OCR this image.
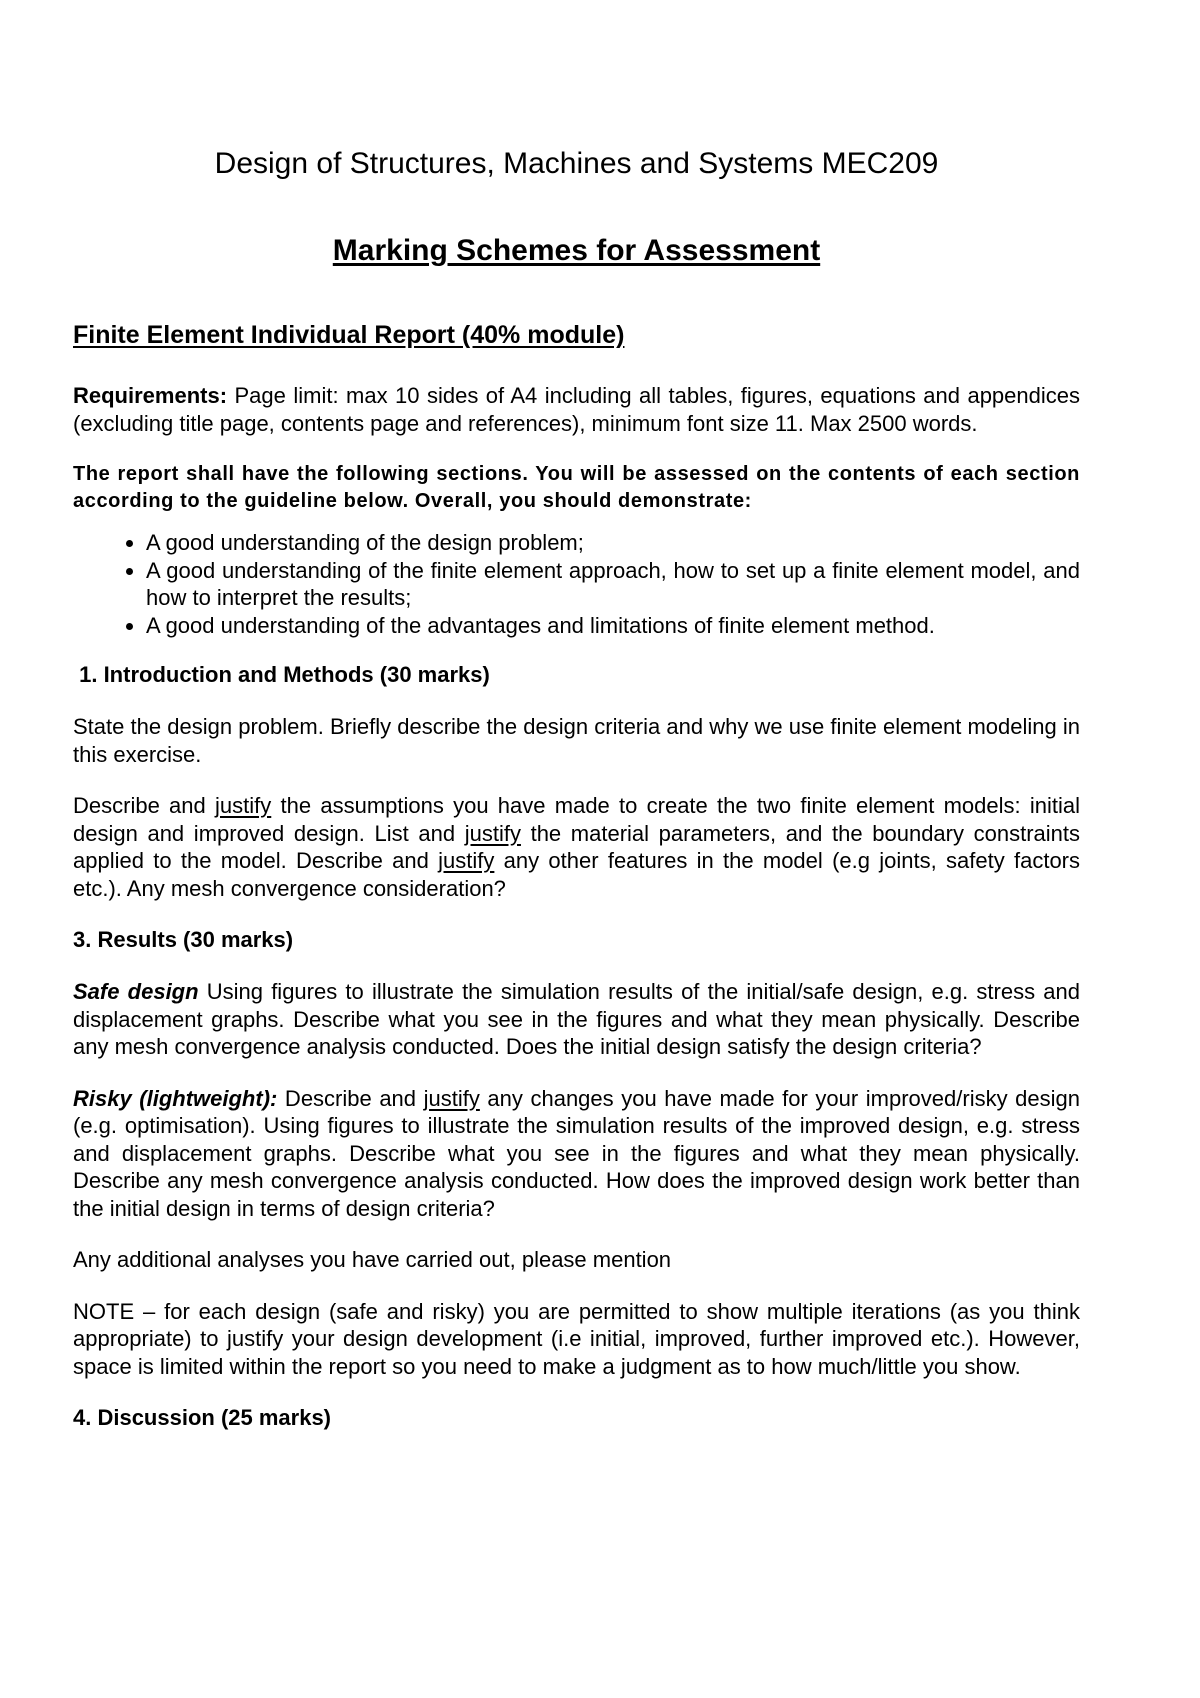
Design of Structures, Machines and Systems MEC209
Marking Schemes for Assessment
Finite Element Individual Report (40% module)

Requirements: Page limit: max 10 sides of A4 including all tables, figures, equations and appendices (excluding title page, contents page and references), minimum font size 11. Max 2500 words.

The report shall have the following sections. You will be assessed on the contents of each section according to the guideline below. Overall, you should demonstrate:

• A good understanding of the design problem;
• A good understanding of the finite element approach, how to set up a finite element model, and how to interpret the results;
• A good understanding of the advantages and limitations of finite element method.
1. Introduction and Methods (30 marks)

State the design problem. Briefly describe the design criteria and why we use finite element modeling in this exercise.

Describe and justify the assumptions you have made to create the two finite element models: initial design and improved design. List and justify the material parameters, and the boundary constraints applied to the model. Describe and justify any other features in the model (e.g joints, safety factors etc.). Any mesh convergence consideration?

3. Results (30 marks)

Safe design Using figures to illustrate the simulation results of the initial/safe design, e.g. stress and displacement graphs. Describe what you see in the figures and what they mean physically. Describe any mesh convergence analysis conducted. Does the initial design satisfy the design criteria?

Risky (lightweight): Describe and justify any changes you have made for your improved/risky design (e.g. optimisation). Using figures to illustrate the simulation results of the improved design, e.g. stress and displacement graphs. Describe what you see in the figures and what they mean physically. Describe any mesh convergence analysis conducted. How does the improved design work better than the initial design in terms of design criteria?

Any additional analyses you have carried out, please mention

NOTE – for each design (safe and risky) you are permitted to show multiple iterations (as you think appropriate) to justify your design development (i.e initial, improved, further improved etc.). However, space is limited within the report so you need to make a judgment as to how much/little you show.

4. Discussion (25 marks)
